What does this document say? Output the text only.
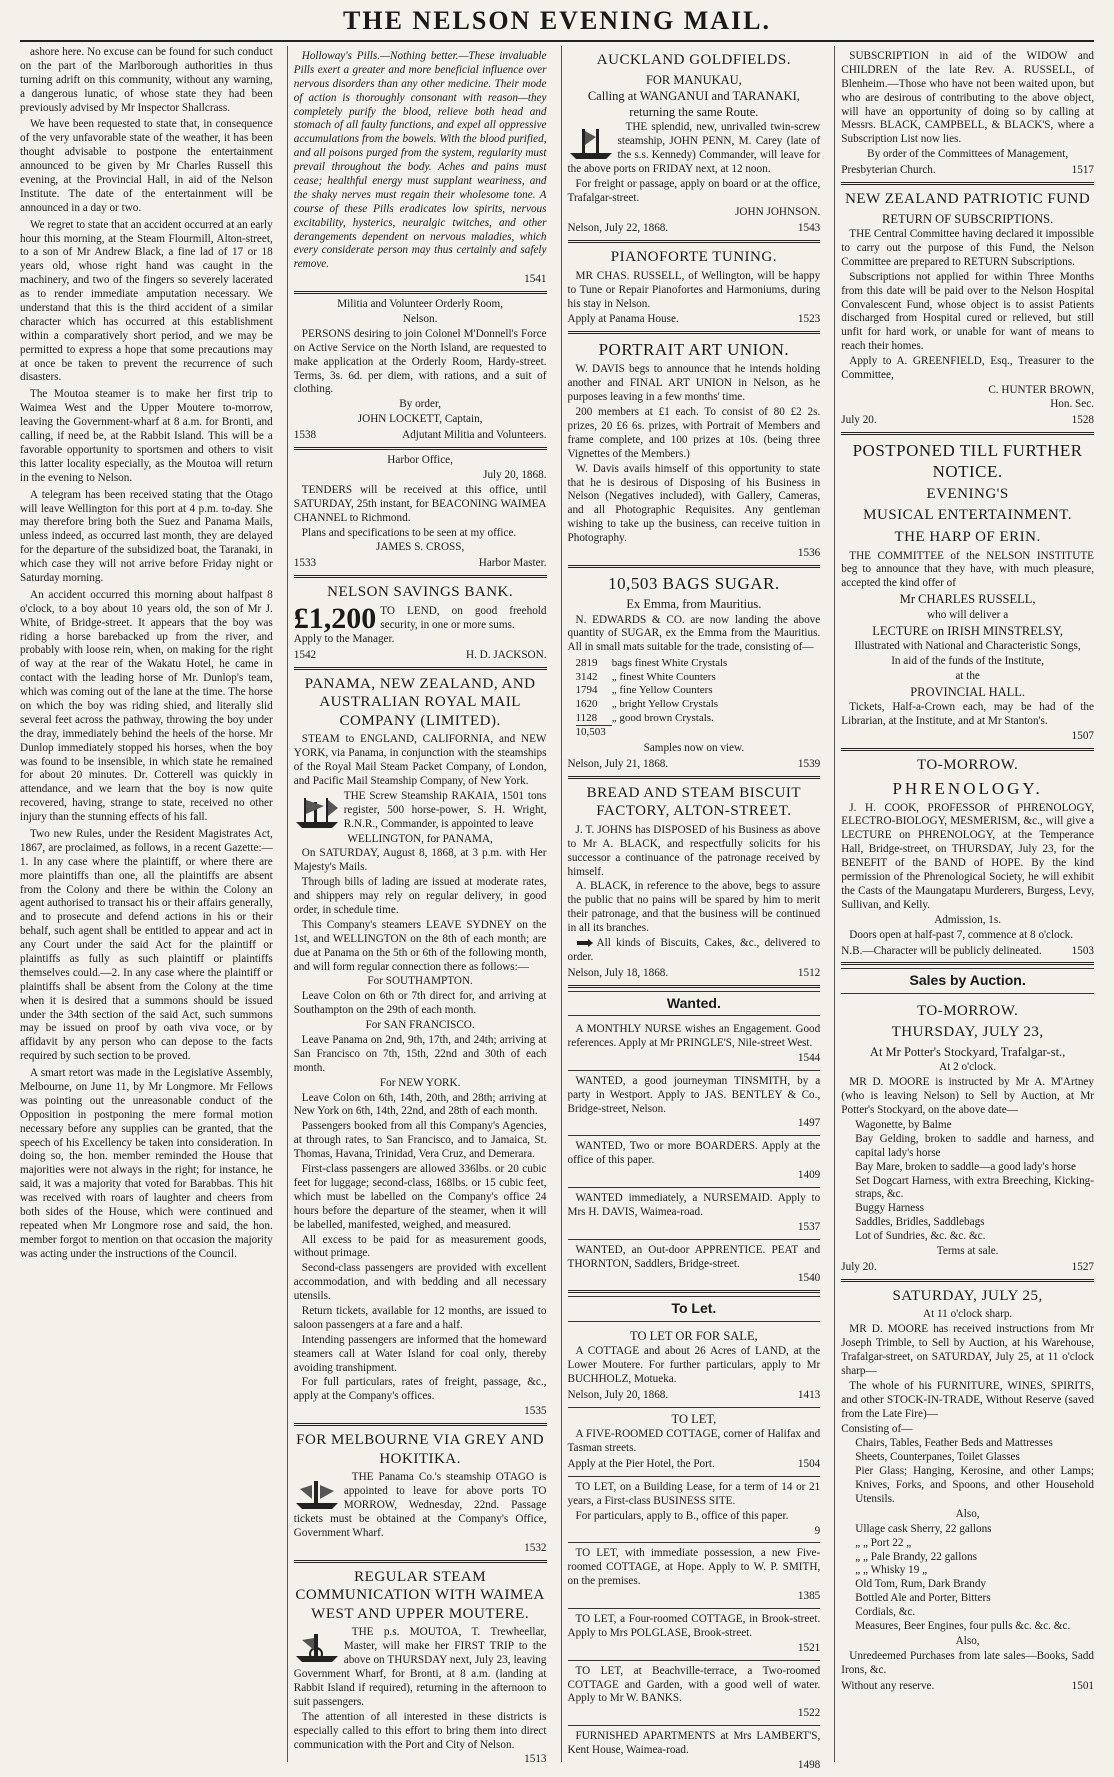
THE NELSON EVENING MAIL.

ashore here. No excuse can be found for such conduct on the part of the Marlborough authorities in thus turning adrift on this community, without any warning, a dangerous lunatic, of whose state they had been previously advised by Mr Inspector Shallcrass.

We have been requested to state that, in consequence of the very unfavorable state of the weather, it has been thought advisable to postpone the entertainment announced to be given by Mr Charles Russell this evening, at the Provincial Hall, in aid of the Nelson Institute. The date of the entertainment will be announced in a day or two.

We regret to state that an accident occurred at an early hour this morning, at the Steam Flourmill, Alton-street, to a son of Mr Andrew Black, a fine lad of 17 or 18 years old, whose right hand was caught in the machinery, and two of the fingers so severely lacerated as to render immediate amputation necessary. We understand that this is the third accident of a similar character which has occurred at this establishment within a comparatively short period, and we may be permitted to express a hope that some precautions may at once be taken to prevent the recurrence of such disasters.

The Moutoa steamer is to make her first trip to Waimea West and the Upper Moutere to-morrow, leaving the Government-wharf at 8 a.m. for Bronti, and calling, if need be, at the Rabbit Island. This will be a favorable opportunity to sportsmen and others to visit this latter locality especially, as the Moutoa will return in the evening to Nelson.

A telegram has been received stating that the Otago will leave Wellington for this port at 4 p.m. to-day. She may therefore bring both the Suez and Panama Mails, unless indeed, as occurred last month, they are delayed for the departure of the subsidized boat, the Taranaki, in which case they will not arrive before Friday night or Saturday morning.

An accident occurred this morning about halfpast 8 o'clock, to a boy about 10 years old, the son of Mr J. White, of Bridge-street. It appears that the boy was riding a horse barebacked up from the river, and probably with loose rein, when, on making for the right of way at the rear of the Wakatu Hotel, he came in contact with the leading horse of Mr. Dunlop's team, which was coming out of the lane at the time. The horse on which the boy was riding shied, and literally slid several feet across the pathway, throwing the boy under the dray, immediately behind the heels of the horse. Mr Dunlop immediately stopped his horses, when the boy was found to be insensible, in which state he remained for about 20 minutes. Dr. Cotterell was quickly in attendance, and we learn that the boy is now quite recovered, having, strange to state, received no other injury than the stunning effects of his fall.

Two new Rules, under the Resident Magistrates Act, 1867, are proclaimed, as follows, in a recent Gazette:—1. In any case where the plaintiff, or where there are more plaintiffs than one, all the plaintiffs are absent from the Colony and there be within the Colony an agent authorised to transact his or their affairs generally, and to prosecute and defend actions in his or their behalf, such agent shall be entitled to appear and act in any Court under the said Act for the plaintiff or plaintiffs as fully as such plaintiff or plaintiffs themselves could.—2. In any case where the plaintiff or plaintiffs shall be absent from the Colony at the time when it is desired that a summons should be issued under the 34th section of the said Act, such summons may be issued on proof by oath viva voce, or by affidavit by any person who can depose to the facts required by such section to be proved.

A smart retort was made in the Legislative Assembly, Melbourne, on June 11, by Mr Longmore. Mr Fellows was pointing out the unreasonable conduct of the Opposition in postponing the mere formal motion necessary before any supplies can be granted, that the speech of his Excellency be taken into consideration. In doing so, the hon. member reminded the House that majorities were not always in the right; for instance, he said, it was a majority that voted for Barabbas. This hit was received with roars of laughter and cheers from both sides of the House, which were continued and repeated when Mr Longmore rose and said, the hon. member forgot to mention on that occasion the majority was acting under the instructions of the Council.

Holloway's Pills.—Nothing better.—These invaluable Pills exert a greater and more beneficial influence over nervous disorders than any other medicine. Their mode of action is thoroughly consonant with reason—they completely purify the blood, relieve both head and stomach of all faulty functions, and expel all oppressive accumulations from the bowels. With the blood purified, and all poisons purged from the system, regularity must prevail throughout the body. Aches and pains must cease; healthful energy must supplant weariness, and the shaky nerves must regain their wholesome tone. A course of these Pills eradicates low spirits, nervous excitability, hysterics, neuralgic twitches, and other derangements dependent on nervous maladies, which every considerate person may thus certainly and safely remove.
1541
Militia and Volunteer Orderly Room,
Nelson.
PERSONS desiring to join Colonel M'Donnell's Force on Active Service on the North Island, are requested to make application at the Orderly Room, Hardy-street. Terms, 3s. 6d. per diem, with rations, and a suit of clothing.
By order,
JOHN LOCKETT, Captain,
1538	Adjutant Militia and Volunteers.
Harbor Office,
July 20, 1868.
TENDERS will be received at this office, until SATURDAY, 25th instant, for BEACONING WAIMEA CHANNEL to Richmond.
Plans and specifications to be seen at my office.
JAMES S. CROSS,
1533	Harbor Master.
NELSON SAVINGS BANK.
£1,200 TO LEND, on good freehold security, in one or more sums.
Apply to the Manager.
1542	H. D. JACKSON.
PANAMA, NEW ZEALAND, AND AUSTRALIAN ROYAL MAIL COMPANY (LIMITED).
STEAM to ENGLAND, CALIFORNIA, and NEW YORK, via Panama, in conjunction with the steamships of the Royal Mail Steam Packet Company, of London, and Pacific Mail Steamship Company, of New York.
THE Screw Steamship RAKAIA, 1501 tons register, 500 horse-power, S. H. Wright, R.N.R., Commander, is appointed to leave
WELLINGTON, for PANAMA,
On SATURDAY, August 8, 1868, at 3 p.m. with Her Majesty's Mails.
Through bills of lading are issued at moderate rates, and shippers may rely on regular delivery, in good order, in schedule time.
This Company's steamers LEAVE SYDNEY on the 1st, and WELLINGTON on the 8th of each month; are due at Panama on the 5th or 6th of the following month, and will form regular connection there as follows:—
For SOUTHAMPTON.
Leave Colon on 6th or 7th direct for, and arriving at Southampton on the 29th of each month.
For SAN FRANCISCO.
Leave Panama on 2nd, 9th, 17th, and 24th; arriving at San Francisco on 7th, 15th, 22nd and 30th of each month.
For NEW YORK.
Leave Colon on 6th, 14th, 20th, and 28th; arriving at New York on 6th, 14th, 22nd, and 28th of each month.
Passengers booked from all this Company's Agencies, at through rates, to San Francisco, and to Jamaica, St. Thomas, Havana, Trinidad, Vera Cruz, and Demerara.
First-class passengers are allowed 336lbs. or 20 cubic feet for luggage; second-class, 168lbs. or 15 cubic feet, which must be labelled on the Company's office 24 hours before the departure of the steamer, when it will be labelled, manifested, weighed, and measured.
All excess to be paid for as measurement goods, without primage.
Second-class passengers are provided with excellent accommodation, and with bedding and all necessary utensils.
Return tickets, available for 12 months, are issued to saloon passengers at a fare and a half.
Intending passengers are informed that the homeward steamers call at Water Island for coal only, thereby avoiding transhipment.
For full particulars, rates of freight, passage, &c., apply at the Company's offices.
1535
FOR MELBOURNE VIA GREY AND HOKITIKA.
THE Panama Co.'s steamship OTAGO is appointed to leave for above ports TO MORROW, Wednesday, 22nd. Passage tickets must be obtained at the Company's Office, Government Wharf.
1532
REGULAR STEAM COMMUNICATION WITH WAIMEA WEST AND UPPER MOUTERE.
THE p.s. MOUTOA, T. Trewheellar, Master, will make her FIRST TRIP to the above on THURSDAY next, July 23, leaving Government Wharf, for Bronti, at 8 a.m. (landing at Rabbit Island if required), returning in the afternoon to suit passengers.
The attention of all interested in these districts is especially called to this effort to bring them into direct communication with the Port and City of Nelson.
1513
AUCKLAND GOLDFIELDS.
FOR MANUKAU,
Calling at WANGANUI and TARANAKI, returning the same Route.
THE splendid, new, unrivalled twin-screw steamship, JOHN PENN, M. Carey (late of the s.s. Kennedy) Commander, will leave for the above ports on FRIDAY next, at 12 noon.
For freight or passage, apply on board or at the office, Trafalgar-street.
JOHN JOHNSON.
Nelson, July 22, 1868.	1543
PIANOFORTE TUNING.
MR CHAS. RUSSELL, of Wellington, will be happy to Tune or Repair Pianofortes and Harmoniums, during his stay in Nelson.
Apply at Panama House.	1523
PORTRAIT ART UNION.
W. DAVIS begs to announce that he intends holding another and FINAL ART UNION in Nelson, as he purposes leaving in a few months' time.
200 members at £1 each. To consist of 80 £2 2s. prizes, 20 £6 6s. prizes, with Portrait of Members and frame complete, and 100 prizes at 10s. (being three Vignettes of the Members.)
W. Davis avails himself of this opportunity to state that he is desirous of Disposing of his Business in Nelson (Negatives included), with Gallery, Cameras, and all Photographic Requisites. Any gentleman wishing to take up the business, can receive tuition in Photography.
1536
10,503 BAGS SUGAR.
Ex Emma, from Mauritius.
N. EDWARDS & CO. are now landing the above quantity of SUGAR, ex the Emma from the Mauritius. All in small mats suitable for the trade, consisting of—
2819	bags finest White Crystals
3142	„ finest White Counters
1794	„ fine Yellow Counters
1620	„ bright Yellow Crystals
1128	„ good brown Crystals.
10,503	
Samples now on view.
Nelson, July 21, 1868.	1539
BREAD AND STEAM BISCUIT FACTORY, ALTON-STREET.
J. T. JOHNS has DISPOSED of his Business as above to Mr A. BLACK, and respectfully solicits for his successor a continuance of the patronage received by himself.
A. BLACK, in reference to the above, begs to assure the public that no pains will be spared by him to merit their patronage, and that the business will be continued in all its branches.
All kinds of Biscuits, Cakes, &c., delivered to order.
Nelson, July 18, 1868.	1512
Wanted.
A MONTHLY NURSE wishes an Engagement. Good references. Apply at Mr PRINGLE'S, Nile-street West.
1544
WANTED, a good journeyman TINSMITH, by a party in Westport. Apply to JAS. BENTLEY & Co., Bridge-street, Nelson.
1497
WANTED, Two or more BOARDERS. Apply at the office of this paper.
1409
WANTED immediately, a NURSEMAID. Apply to Mrs H. DAVIS, Waimea-road.
1537
WANTED, an Out-door APPRENTICE. PEAT and THORNTON, Saddlers, Bridge-street.
1540
To Let.
TO LET OR FOR SALE,
A COTTAGE and about 26 Acres of LAND, at the Lower Moutere. For further particulars, apply to Mr BUCHHOLZ, Motueka.
Nelson, July 20, 1868.	1413
TO LET,
A FIVE-ROOMED COTTAGE, corner of Halifax and Tasman streets.
Apply at the Pier Hotel, the Port.	1504
TO LET, on a Building Lease, for a term of 14 or 21 years, a First-class BUSINESS SITE.
For particulars, apply to B., office of this paper.
9
TO LET, with immediate possession, a new Five-roomed COTTAGE, at Hope. Apply to W. P. SMITH, on the premises.
1385
TO LET, a Four-roomed COTTAGE, in Brook-street. Apply to Mrs POLGLASE, Brook-street.
1521
TO LET, at Beachville-terrace, a Two-roomed COTTAGE and Garden, with a good well of water. Apply to Mr W. BANKS.
1522
FURNISHED APARTMENTS at Mrs LAMBERT'S, Kent House, Waimea-road.
1498
SUBSCRIPTION in aid of the WIDOW and CHILDREN of the late Rev. A. RUSSELL, of Blenheim.—Those who have not been waited upon, but who are desirous of contributing to the above object, will have an opportunity of doing so by calling at Messrs. BLACK, CAMPBELL, & BLACK'S, where a Subscription List now lies.
By order of the Committees of Management,
Presbyterian Church.	1517
NEW ZEALAND PATRIOTIC FUND
RETURN OF SUBSCRIPTIONS.
THE Central Committee having declared it impossible to carry out the purpose of this Fund, the Nelson Committee are prepared to RETURN Subscriptions.
Subscriptions not applied for within Three Months from this date will be paid over to the Nelson Hospital Convalescent Fund, whose object is to assist Patients discharged from Hospital cured or relieved, but still unfit for hard work, or unable for want of means to reach their homes.
Apply to A. GREENFIELD, Esq., Treasurer to the Committee,
C. HUNTER BROWN,
Hon. Sec.
July 20.	1528
POSTPONED TILL FURTHER NOTICE.
EVENING'S
MUSICAL ENTERTAINMENT.
THE HARP OF ERIN.
THE COMMITTEE of the NELSON INSTITUTE beg to announce that they have, with much pleasure, accepted the kind offer of
Mr CHARLES RUSSELL,
who will deliver a
LECTURE on IRISH MINSTRELSY,
Illustrated with National and Characteristic Songs,
In aid of the funds of the Institute,
at the
PROVINCIAL HALL.
Tickets, Half-a-Crown each, may be had of the Librarian, at the Institute, and at Mr Stanton's.
1507
TO-MORROW.
PHRENOLOGY.
J. H. COOK, PROFESSOR of PHRENOLOGY, ELECTRO-BIOLOGY, MESMERISM, &c., will give a LECTURE on PHRENOLOGY, at the Temperance Hall, Bridge-street, on THURSDAY, July 23, for the BENEFIT of the BAND of HOPE. By the kind permission of the Phrenological Society, he will exhibit the Casts of the Maungatapu Murderers, Burgess, Levy, Sullivan, and Kelly.
Admission, 1s.
Doors open at half-past 7, commence at 8 o'clock.
N.B.—Character will be publicly delineated.	1503
Sales by Auction.
TO-MORROW.
THURSDAY, JULY 23,
At Mr Potter's Stockyard, Trafalgar-st.,
At 2 o'clock.
MR D. MOORE is instructed by Mr A. M'Artney (who is leaving Nelson) to Sell by Auction, at Mr Potter's Stockyard, on the above date—
Wagonette, by Balme
Bay Gelding, broken to saddle and harness, and capital lady's horse
Bay Mare, broken to saddle—a good lady's horse
Set Dogcart Harness, with extra Breeching, Kicking-straps, &c.
Buggy Harness
Saddles, Bridles, Saddlebags
Lot of Sundries, &c. &c. &c.
Terms at sale.
July 20.	1527
SATURDAY, JULY 25,
At 11 o'clock sharp.
MR D. MOORE has received instructions from Mr Joseph Trimble, to Sell by Auction, at his Warehouse, Trafalgar-street, on SATURDAY, July 25, at 11 o'clock sharp—
The whole of his FURNITURE, WINES, SPIRITS, and other STOCK-IN-TRADE, Without Reserve (saved from the Late Fire)—
Consisting of—
Chairs, Tables, Feather Beds and Mattresses
Sheets, Counterpanes, Toilet Glasses
Pier Glass; Hanging, Kerosine, and other Lamps; Knives, Forks, and Spoons, and other Household Utensils.
Also,
Ullage cask Sherry, 22 gallons
„ „ Port 22 „
„ „ Pale Brandy, 22 gallons
„ „ Whisky 19 „
Old Tom, Rum, Dark Brandy
Bottled Ale and Porter, Bitters
Cordials, &c.
Measures, Beer Engines, four pulls &c. &c. &c.
Also,
Unredeemed Purchases from late sales—Books, Sadd Irons, &c.
Without any reserve.	1501
